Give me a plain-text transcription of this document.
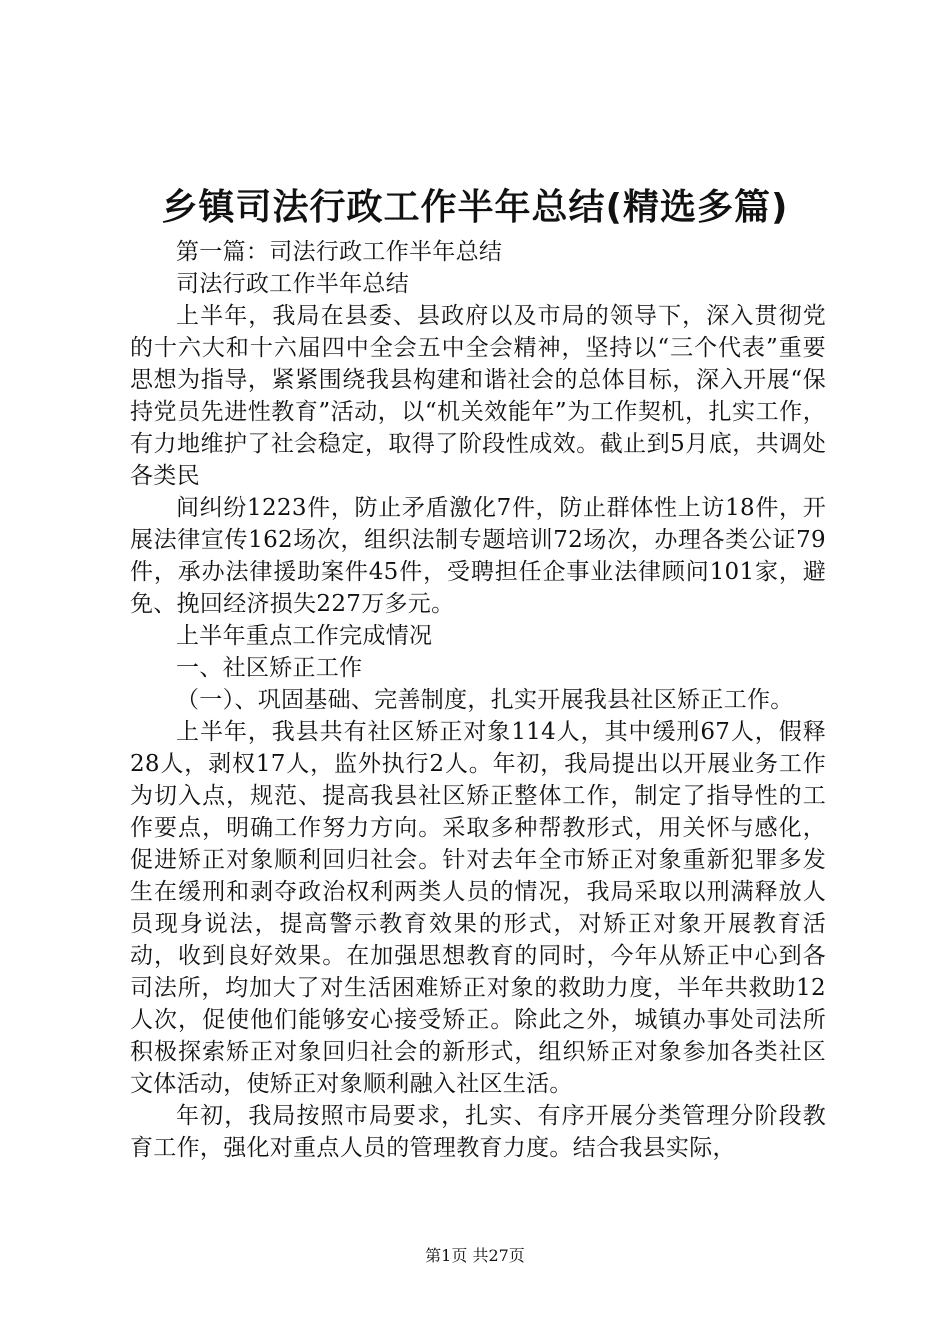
乡镇司法行政工作半年总结(精选多篇)

第一篇：司法行政工作半年总结

司法行政工作半年总结

上半年，我局在县委、县政府以及市局的领导下，深入贯彻党的十六大和十六届四中全会五中全会精神，坚持以“三个代表”重要思想为指导，紧紧围绕我县构建和谐社会的总体目标，深入开展“保持党员先进性教育”活动，以“机关效能年”为工作契机，扎实工作，有力地维护了社会稳定，取得了阶段性成效。截止到5月底，共调处各类民

间纠纷1223件，防止矛盾激化7件，防止群体性上访18件，开展法律宣传162场次，组织法制专题培训72场次，办理各类公证79件，承办法律援助案件45件，受聘担任企事业法律顾问101家，避免、挽回经济损失227万多元。

上半年重点工作完成情况

一、社区矫正工作

（一）、巩固基础、完善制度，扎实开展我县社区矫正工作。

上半年，我县共有社区矫正对象114人，其中缓刑67人，假释28人，剥权17人，监外执行2人。年初，我局提出以开展业务工作为切入点，规范、提高我县社区矫正整体工作，制定了指导性的工作要点，明确工作努力方向。采取多种帮教形式，用关怀与感化，促进矫正对象顺利回归社会。针对去年全市矫正对象重新犯罪多发生在缓刑和剥夺政治权利两类人员的情况，我局采取以刑满释放人员现身说法，提高警示教育效果的形式，对矫正对象开展教育活动，收到良好效果。在加强思想教育的同时，今年从矫正中心到各司法所，均加大了对生活困难矫正对象的救助力度，半年共救助12人次，促使他们能够安心接受矫正。除此之外，城镇办事处司法所积极探索矫正对象回归社会的新形式，组织矫正对象参加各类社区文体活动，使矫正对象顺利融入社区生活。

年初，我局按照市局要求，扎实、有序开展分类管理分阶段教育工作，强化对重点人员的管理教育力度。结合我县实际，

第1页 共27页
